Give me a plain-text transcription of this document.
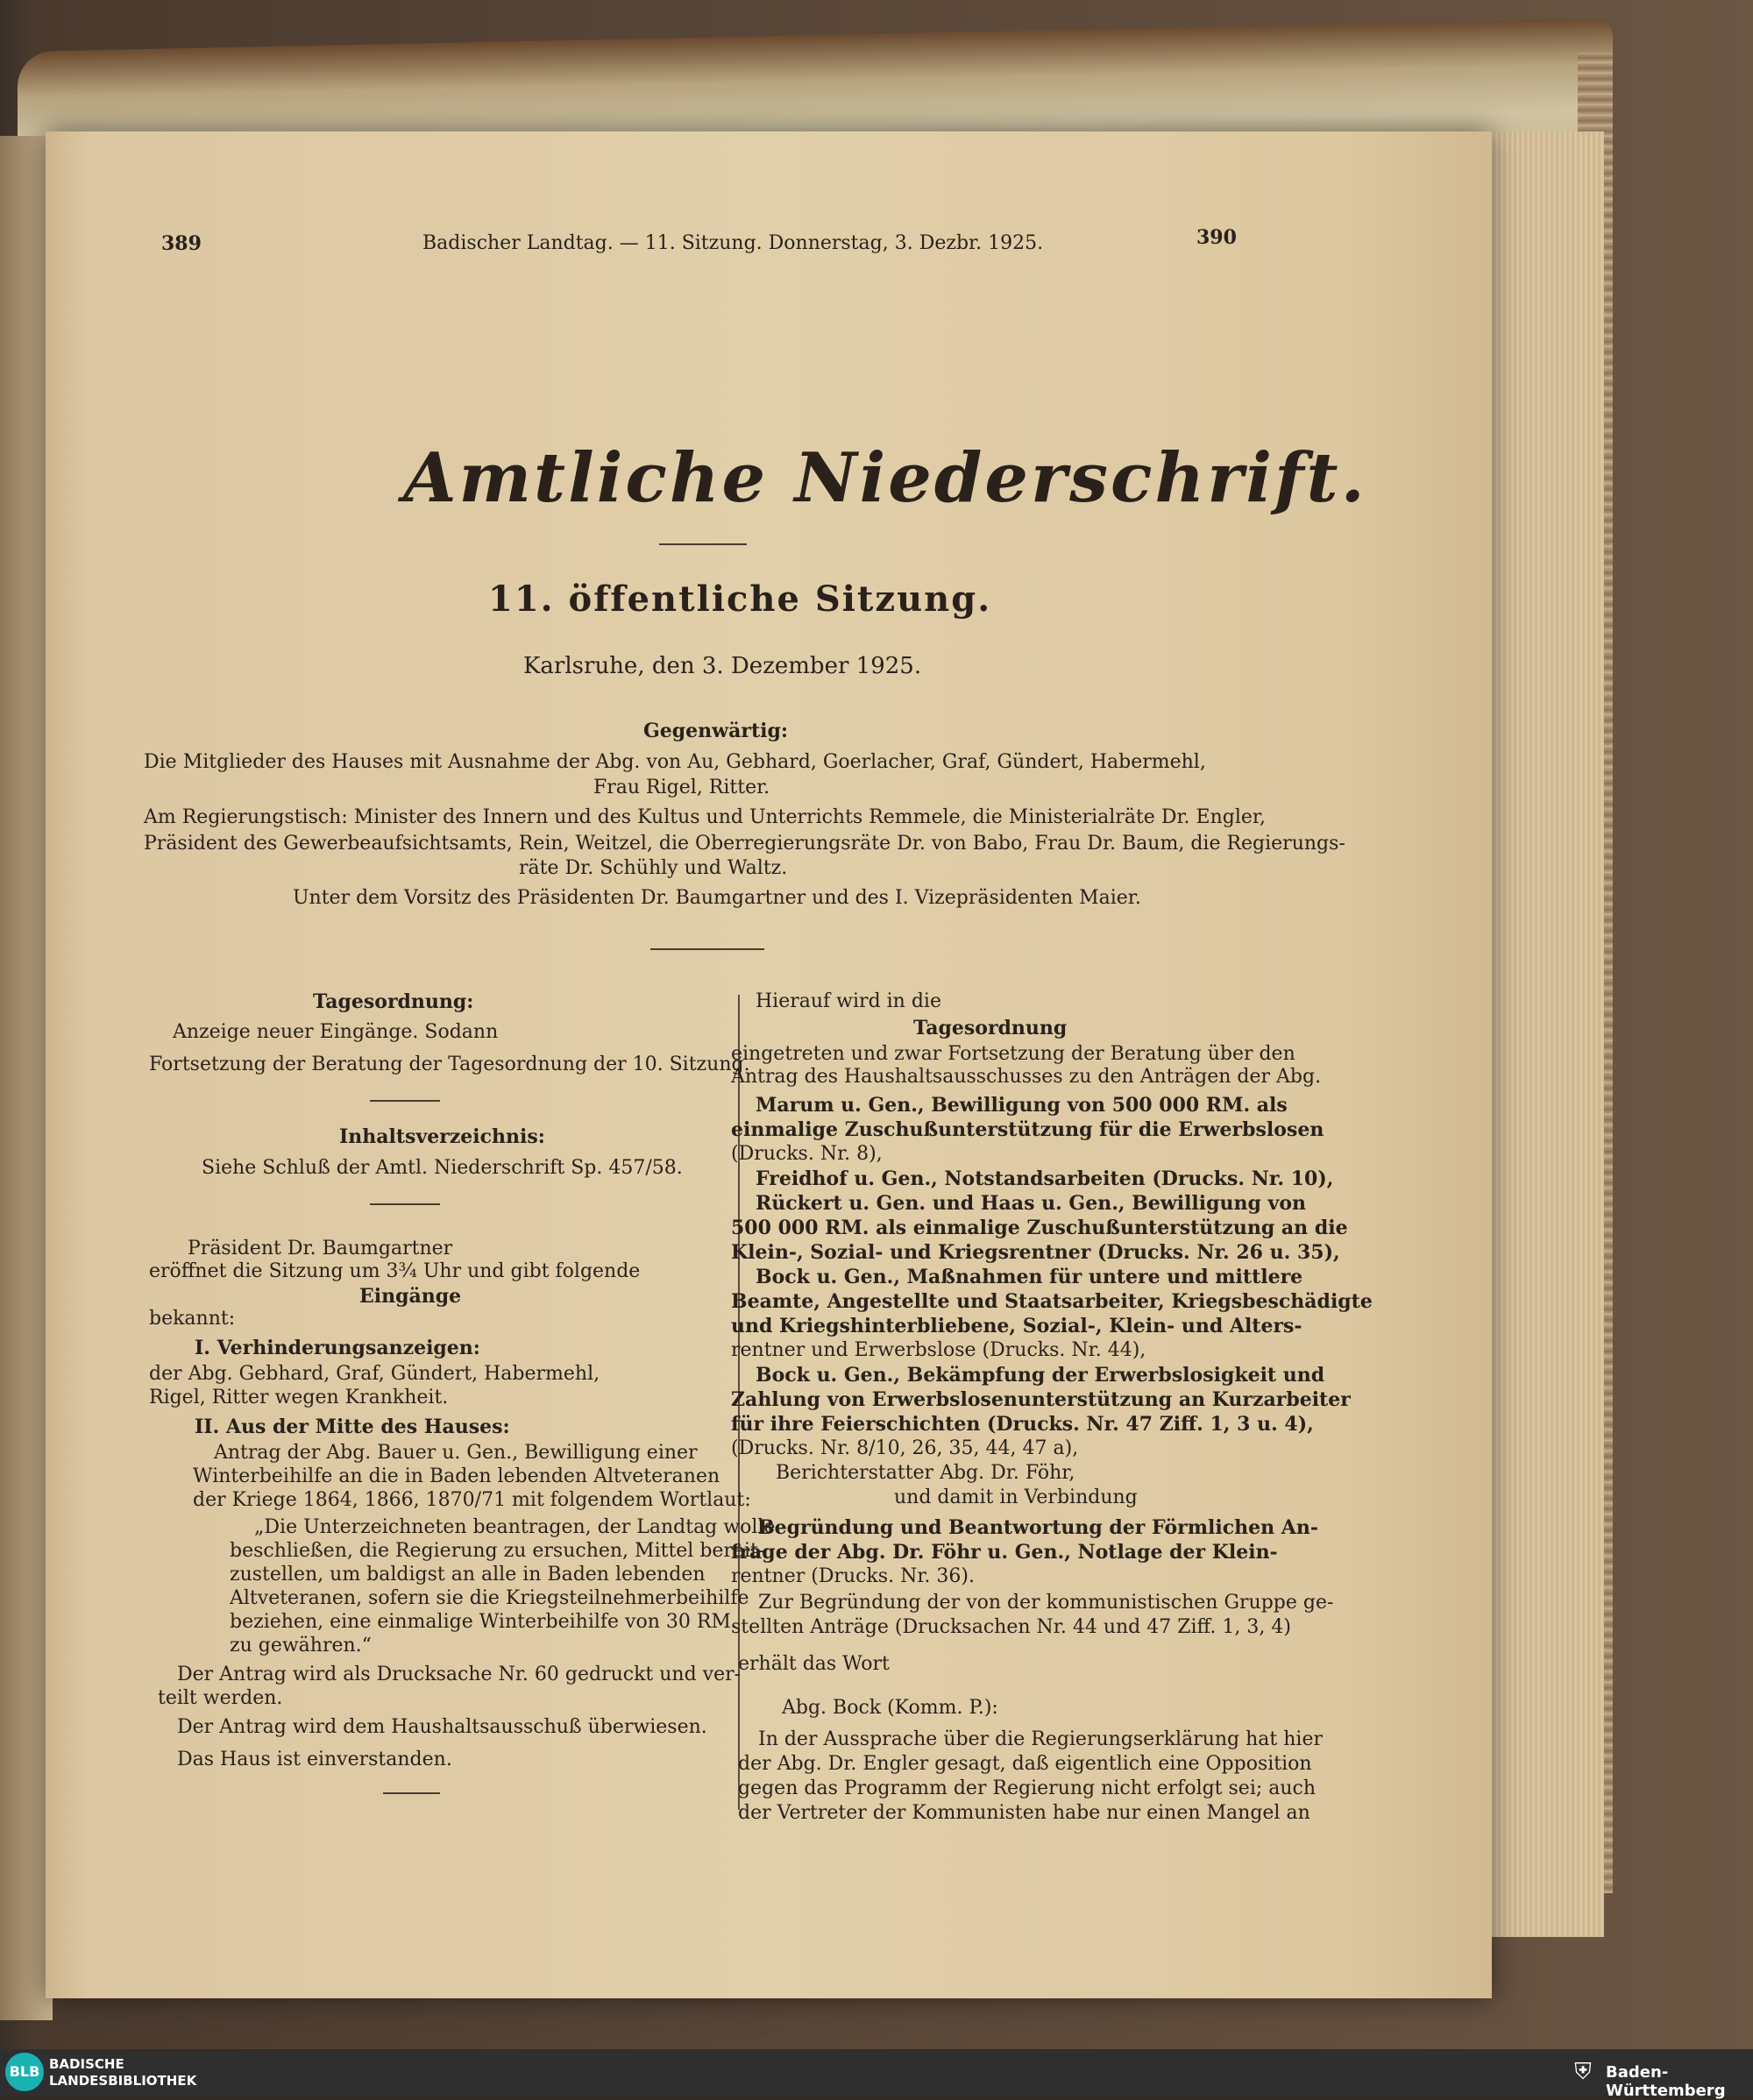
389	Badischer Landtag. — 11. Sitzung. Donnerstag, 3. Dezbr. 1925.	390
Amtliche Niederschrift.
11. öffentliche Sitzung.
Karlsruhe, den 3. Dezember 1925.
Gegenwärtig:
Die Mitglieder des Hauses mit Ausnahme der Abg. von Au, Gebhard, Goerlacher, Graf, Gündert, Habermehl,
Frau Rigel, Ritter.
Am Regierungstisch: Minister des Innern und des Kultus und Unterrichts Remmele, die Ministerialräte Dr. Engler,
Präsident des Gewerbeaufsichtsamts, Rein, Weitzel, die Oberregierungsräte Dr. von Babo, Frau Dr. Baum, die Regierungs-
räte Dr. Schühly und Waltz.
Unter dem Vorsitz des Präsidenten Dr. Baumgartner und des I. Vizepräsidenten Maier.
Tagesordnung:
Anzeige neuer Eingänge. Sodann
Fortsetzung der Beratung der Tagesordnung der 10. Sitzung.
Inhaltsverzeichnis:
Siehe Schluß der Amtl. Niederschrift Sp. 457/58.
Präsident Dr. Baumgartner
eröffnet die Sitzung um 3¾ Uhr und gibt folgende
Eingänge
bekannt:
I. Verhinderungsanzeigen:
der Abg. Gebhard, Graf, Gündert, Habermehl,
Rigel, Ritter wegen Krankheit.
II. Aus der Mitte des Hauses:
Antrag der Abg. Bauer u. Gen., Bewilligung einer
Winterbeihilfe an die in Baden lebenden Altveteranen
der Kriege 1864, 1866, 1870/71 mit folgendem Wortlaut:
„Die Unterzeichneten beantragen, der Landtag wolle
beschließen, die Regierung zu ersuchen, Mittel bereit-
zustellen, um baldigst an alle in Baden lebenden
Altveteranen, sofern sie die Kriegsteilnehmerbeihilfe
beziehen, eine einmalige Winterbeihilfe von 30 RM.
zu gewähren.“
Der Antrag wird als Drucksache Nr. 60 gedruckt und ver-
teilt werden.
Der Antrag wird dem Haushaltsausschuß überwiesen.
Das Haus ist einverstanden.
Hierauf wird in die
Tagesordnung
eingetreten und zwar Fortsetzung der Beratung über den
Antrag des Haushaltsausschusses zu den Anträgen der Abg.
Marum u. Gen., Bewilligung von 500 000 RM. als
einmalige Zuschußunterstützung für die Erwerbslosen
(Drucks. Nr. 8),
Freidhof u. Gen., Notstandsarbeiten (Drucks. Nr. 10),
Rückert u. Gen. und Haas u. Gen., Bewilligung von
500 000 RM. als einmalige Zuschußunterstützung an die
Klein-, Sozial- und Kriegsrentner (Drucks. Nr. 26 u. 35),
Bock u. Gen., Maßnahmen für untere und mittlere
Beamte, Angestellte und Staatsarbeiter, Kriegsbeschädigte
und Kriegshinterbliebene, Sozial-, Klein- und Alters-
rentner und Erwerbslose (Drucks. Nr. 44),
Bock u. Gen., Bekämpfung der Erwerbslosigkeit und
Zahlung von Erwerbslosenunterstützung an Kurzarbeiter
für ihre Feierschichten (Drucks. Nr. 47 Ziff. 1, 3 u. 4),
(Drucks. Nr. 8/10, 26, 35, 44, 47 a),
Berichterstatter Abg. Dr. Föhr,
und damit in Verbindung
Begründung und Beantwortung der Förmlichen An-
frage der Abg. Dr. Föhr u. Gen., Notlage der Klein-
rentner (Drucks. Nr. 36).
Zur Begründung der von der kommunistischen Gruppe ge-
stellten Anträge (Drucksachen Nr. 44 und 47 Ziff. 1, 3, 4)
erhält das Wort
Abg. Bock (Komm. P.):
In der Aussprache über die Regierungserklärung hat hier
der Abg. Dr. Engler gesagt, daß eigentlich eine Opposition
gegen das Programm der Regierung nicht erfolgt sei; auch
der Vertreter der Kommunisten habe nur einen Mangel an
BLB BADISCHE
LANDESBIBLIOTHEK	⛨ Baden-Württemberg
